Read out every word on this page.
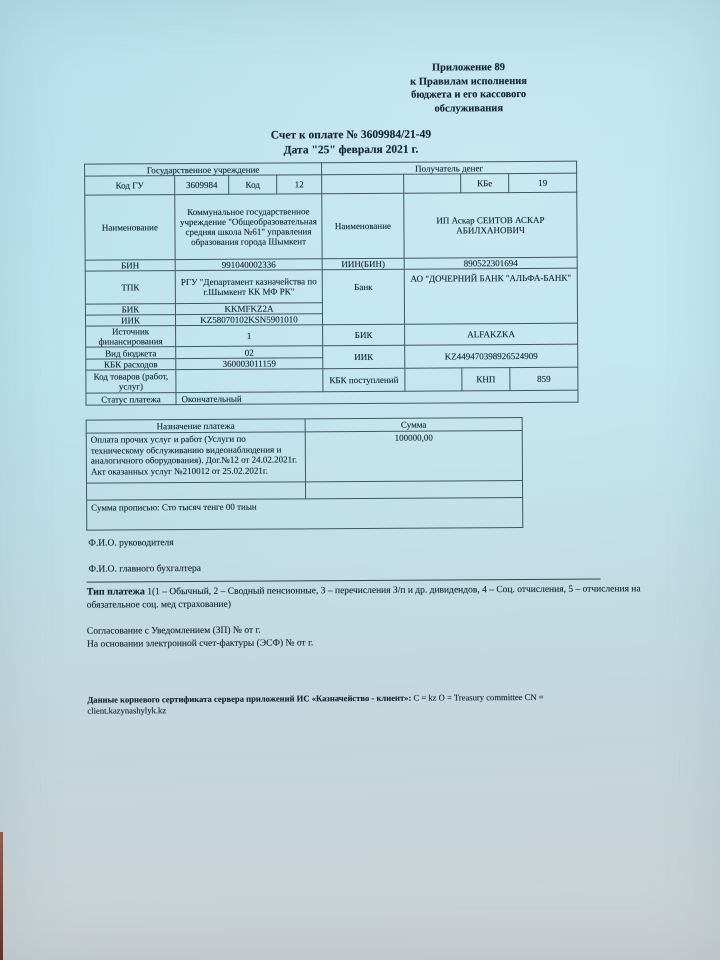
Приложение 89
к Правилам исполнения
бюджета и его кассового
обслуживания
Счет к оплате № 3609984/21-49
Дата "25" февраля 2021 г.
Государственное учреждение				Получатель денег			
Код ГУ	3609984	Код	12			КБе	19
Наименование	Коммунальное государственное учреждение "Общеобразовательная средняя школа №61" управления образования города Шымкент			Наименование	ИП Аскар СЕИТОВ АСКАР АБИЛХАНОВИЧ		
БИН	991040002336			ИИН(БИН)	890522301694		
ТПК	РГУ "Департамент казначейства по г.Шымкент КК МФ РК"			Банк	АО "ДОЧЕРНИЙ БАНК "АЛЬФА-БАНК"		
БИК	KKMFKZ2A						
ИИК	KZ58070102KSN5901010						
Источник финансирования	1			БИК	ALFAKZKA		
Вид бюджета	02			ИИК	KZ449470398926524909		
КБК расходов	360003011159						
Код товаров (работ, услуг)				КБК поступлений		КНП	859
Статус платежа	Окончательный						
Назначение платежа	Сумма
Оплата прочих услуг и работ (Услуги по техническому обслуживанию видеонаблюдения и аналогичного оборудования). Дог.№12 от 24.02.2021г. Акт оказанных услуг №210012 от 25.02.2021г.	100000,00

Сумма прописью: Сто тысяч тенге 00 тиын	
Ф.И.О. руководителя
Ф.И.О. главного бухгалтера
Тип платежа 1(1 – Обычный, 2 – Сводный пенсионные, 3 – перечисления З/п и др. дивидендов, 4 – Соц. отчисления, 5 – отчисления на обязательное соц. мед страхование)
Согласование с Уведомлением (ЗП) № от г.
На основании электронной счет-фактуры (ЭСФ) № от г.
Данные корневого сертификата сервера приложений ИС «Казначейство - клиент»: C = kz O = Treasury committee CN = client.kazynashylyk.kz
